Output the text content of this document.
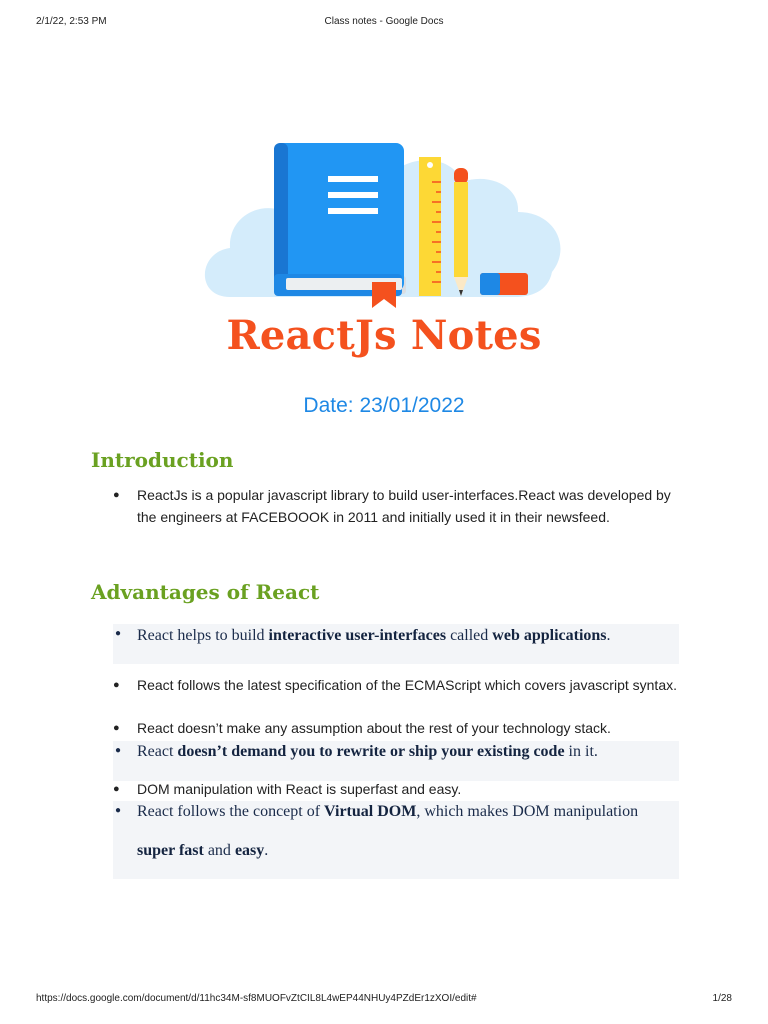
2/1/22, 2:53 PM	Class notes - Google Docs
ReactJs Notes
Date: 23/01/2022
Introduction
●	ReactJs is a popular javascript library to build user-interfaces.React was developed by the engineers at FACEBOOOK in 2011 and initially used it in their newsfeed.
Advantages of React
● React helps to build interactive user-interfaces called web applications.
●	React follows the latest specification of the ECMAScript which covers javascript syntax.
●	React doesn’t make any assumption about the rest of your technology stack.
● React doesn’t demand you to rewrite or ship your existing code in it.
●	DOM manipulation with React is superfast and easy.
● React follows the concept of Virtual DOM, which makes DOM manipulation
super fast and easy.
https://docs.google.com/document/d/11hc34M-sf8MUOFvZtCIL8L4wEP44NHUy4PZdEr1zXOI/edit#	1/28
